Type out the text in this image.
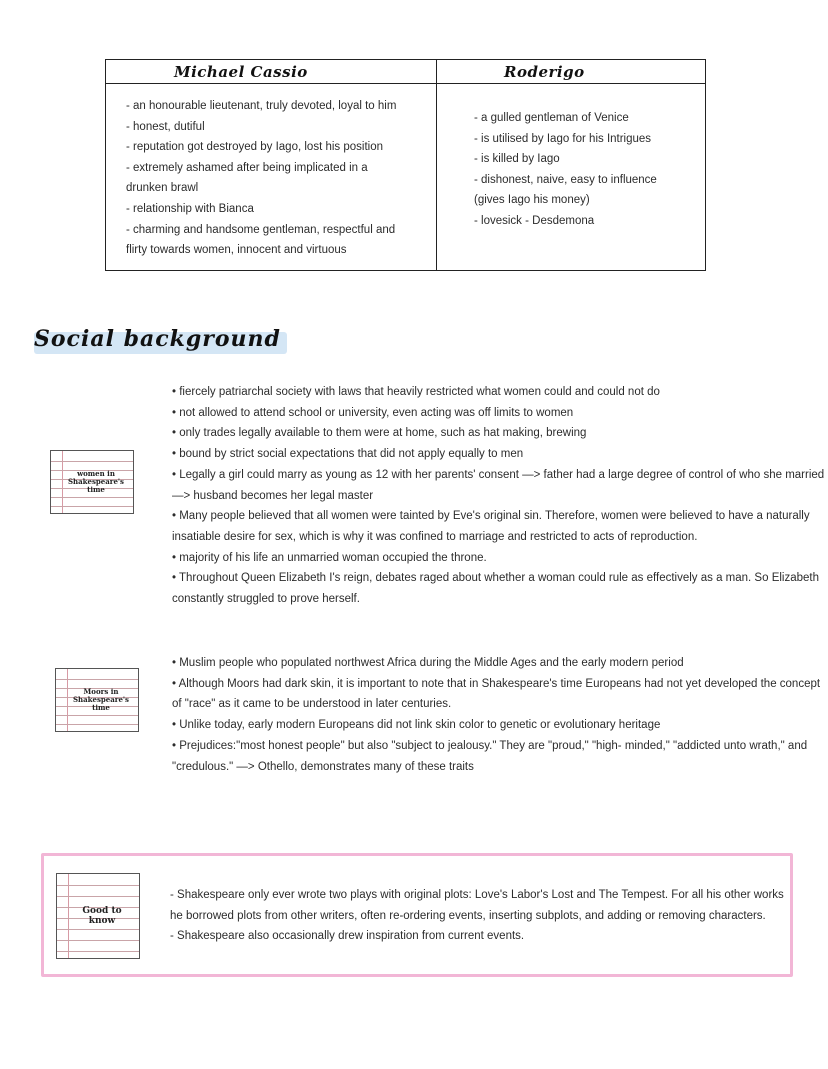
Michael Cassio	Roderigo
- an honourable lieutenant, truly devoted, loyal to him
- honest, dutiful
- reputation got destroyed by Iago, lost his position
- extremely ashamed after being implicated in a
drunken brawl
- relationship with Bianca
- charming and handsome gentleman, respectful and
flirty towards women, innocent and virtuous
- a gulled gentleman of Venice
- is utilised by Iago for his Intrigues
- is killed by Iago
- dishonest, naive, easy to influence
(gives Iago his money)
- lovesick - Desdemona
Social background
women in Shakespeare's time
• fiercely patriarchal society with laws that heavily restricted what women could and could not do
• not allowed to attend school or university, even acting was off limits to women
• only trades legally available to them were at home, such as hat making, brewing
• bound by strict social expectations that did not apply equally to men
• Legally a girl could marry as young as 12 with her parents' consent —> father had a large degree of control of who she married
—> husband becomes her legal master
• Many people believed that all women were tainted by Eve's original sin. Therefore, women were believed to have a naturally
insatiable desire for sex, which is why it was confined to marriage and restricted to acts of reproduction.
• majority of his life an unmarried woman occupied the throne.
• Throughout Queen Elizabeth I's reign, debates raged about whether a woman could rule as effectively as a man. So Elizabeth
constantly struggled to prove herself.
Moors in Shakespeare's time
• Muslim people who populated northwest Africa during the Middle Ages and the early modern period
• Although Moors had dark skin, it is important to note that in Shakespeare's time Europeans had not yet developed the concept
of "race" as it came to be understood in later centuries.
• Unlike today, early modern Europeans did not link skin color to genetic or evolutionary heritage
• Prejudices:"most honest people" but also "subject to jealousy." They are "proud," "high- minded," "addicted unto wrath," and
"credulous." —> Othello, demonstrates many of these traits
Good to know
- Shakespeare only ever wrote two plays with original plots: Love's Labor's Lost and The Tempest. For all his other works
he borrowed plots from other writers, often re-ordering events, inserting subplots, and adding or removing characters.
- Shakespeare also occasionally drew inspiration from current events.
